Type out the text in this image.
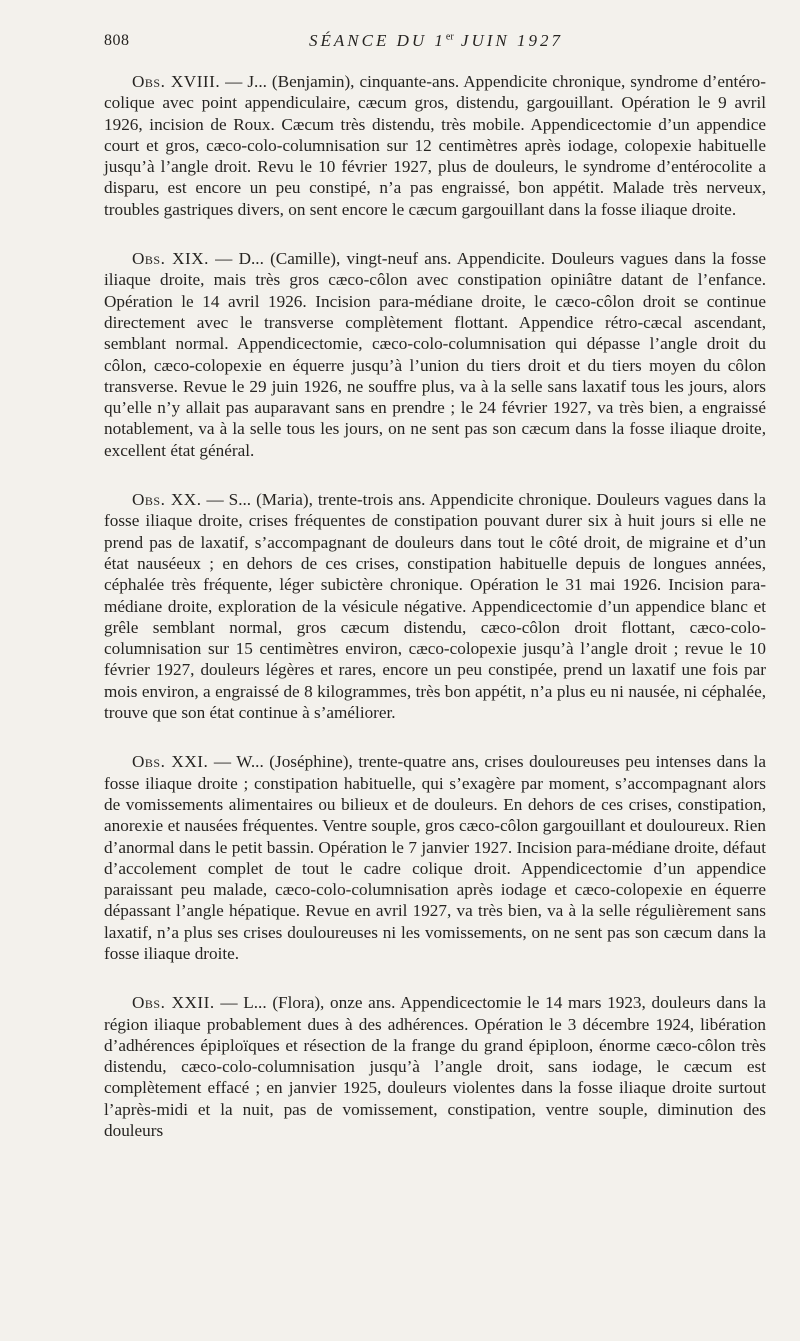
808	SÉANCE DU 1er JUIN 1927

Obs. XVIII. — J... (Benjamin), cinquante-ans. Appendicite chronique, syndrome d’entéro-colique avec point appendiculaire, cæcum gros, distendu, gargouillant. Opération le 9 avril 1926, incision de Roux. Cæcum très distendu, très mobile. Appendicectomie d’un appendice court et gros, cæco-colo-columnisation sur 12 centimètres après iodage, colopexie habituelle jusqu’à l’angle droit. Revu le 10 février 1927, plus de douleurs, le syndrome d’entérocolite a disparu, est encore un peu constipé, n’a pas engraissé, bon appétit. Malade très nerveux, troubles gastriques divers, on sent encore le cæcum gargouillant dans la fosse iliaque droite.

Obs. XIX. — D... (Camille), vingt-neuf ans. Appendicite. Douleurs vagues dans la fosse iliaque droite, mais très gros cæco-côlon avec constipation opiniâtre datant de l’enfance. Opération le 14 avril 1926. Incision para-médiane droite, le cæco-côlon droit se continue directement avec le transverse complètement flottant. Appendice rétro-cæcal ascendant, semblant normal. Appendicectomie, cæco-colo-columnisation qui dépasse l’angle droit du côlon, cæco-colopexie en équerre jusqu’à l’union du tiers droit et du tiers moyen du côlon transverse. Revue le 29 juin 1926, ne souffre plus, va à la selle sans laxatif tous les jours, alors qu’elle n’y allait pas auparavant sans en prendre ; le 24 février 1927, va très bien, a engraissé notablement, va à la selle tous les jours, on ne sent pas son cæcum dans la fosse iliaque droite, excellent état général.

Obs. XX. — S... (Maria), trente-trois ans. Appendicite chronique. Douleurs vagues dans la fosse iliaque droite, crises fréquentes de constipation pouvant durer six à huit jours si elle ne prend pas de laxatif, s’accompagnant de douleurs dans tout le côté droit, de migraine et d’un état nauséeux ; en dehors de ces crises, constipation habituelle depuis de longues années, céphalée très fréquente, léger subictère chronique. Opération le 31 mai 1926. Incision para-médiane droite, exploration de la vésicule négative. Appendicectomie d’un appendice blanc et grêle semblant normal, gros cæcum distendu, cæco-côlon droit flottant, cæco-colo-columnisation sur 15 centimètres environ, cæco-colopexie jusqu’à l’angle droit ; revue le 10 février 1927, douleurs légères et rares, encore un peu constipée, prend un laxatif une fois par mois environ, a engraissé de 8 kilogrammes, très bon appétit, n’a plus eu ni nausée, ni céphalée, trouve que son état continue à s’améliorer.

Obs. XXI. — W... (Joséphine), trente-quatre ans, crises douloureuses peu intenses dans la fosse iliaque droite ; constipation habituelle, qui s’exagère par moment, s’accompagnant alors de vomissements alimentaires ou bilieux et de douleurs. En dehors de ces crises, constipation, anorexie et nausées fréquentes. Ventre souple, gros cæco-côlon gargouillant et douloureux. Rien d’anormal dans le petit bassin. Opération le 7 janvier 1927. Incision para-médiane droite, défaut d’accolement complet de tout le cadre colique droit. Appendicectomie d’un appendice paraissant peu malade, cæco-colo-columnisation après iodage et cæco-colopexie en équerre dépassant l’angle hépatique. Revue en avril 1927, va très bien, va à la selle régulièrement sans laxatif, n’a plus ses crises douloureuses ni les vomissements, on ne sent pas son cæcum dans la fosse iliaque droite.

Obs. XXII. — L... (Flora), onze ans. Appendicectomie le 14 mars 1923, douleurs dans la région iliaque probablement dues à des adhérences. Opération le 3 décembre 1924, libération d’adhérences épiploïques et résection de la frange du grand épiploon, énorme cæco-côlon très distendu, cæco-colo-columnisation jusqu’à l’angle droit, sans iodage, le cæcum est complètement effacé ; en janvier 1925, douleurs violentes dans la fosse iliaque droite surtout l’après-midi et la nuit, pas de vomissement, constipation, ventre souple, diminution des douleurs
